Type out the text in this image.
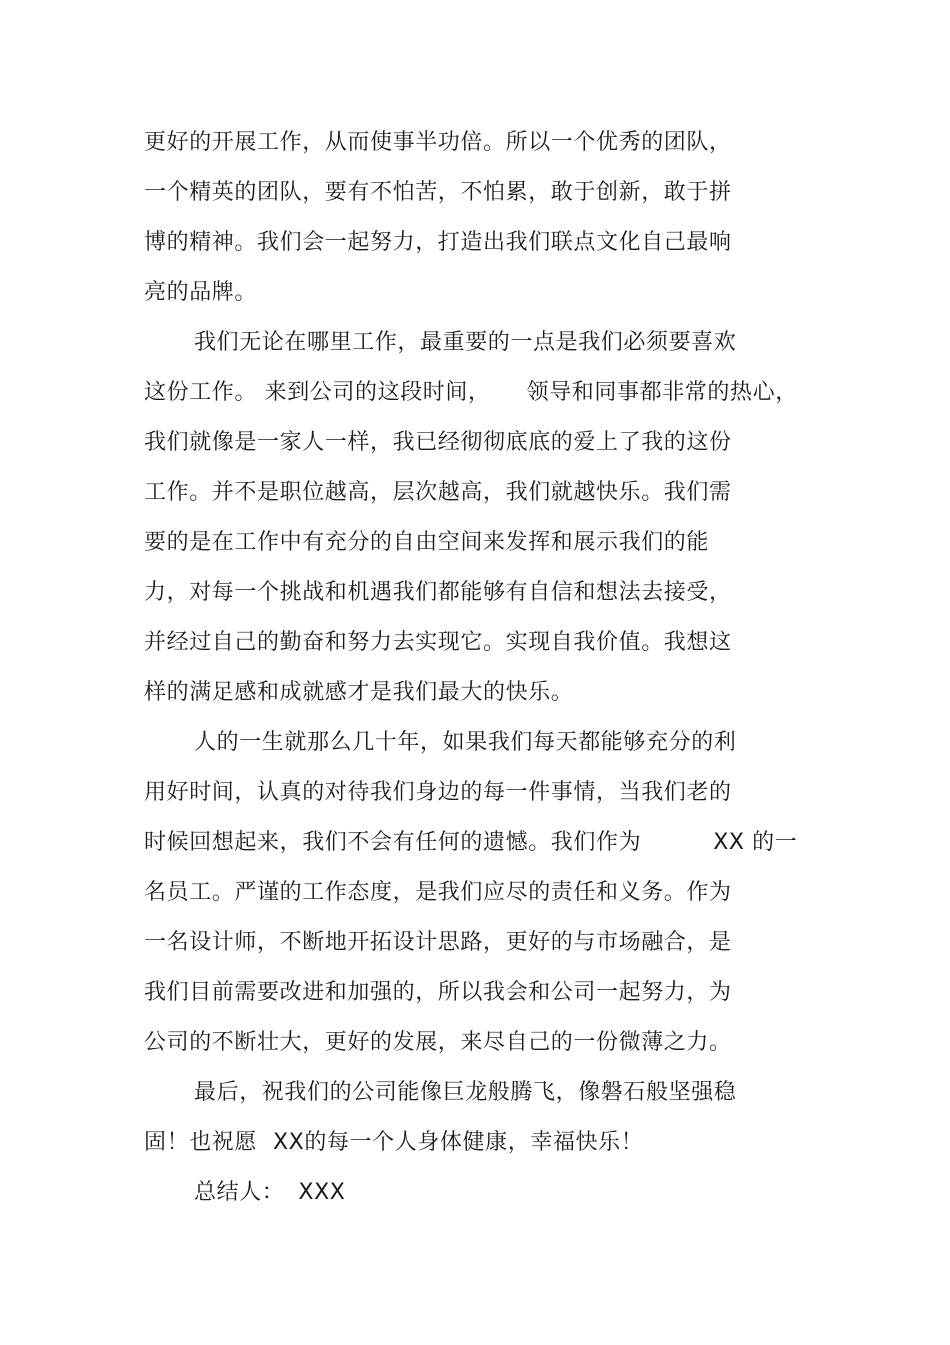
更好的开展工作，从而使事半功倍。所以一个优秀的团队，
一个精英的团队，要有不怕苦，不怕累，敢于创新，敢于拼
博的精神。我们会一起努力，打造出我们联点文化自己最响
亮的品牌。
我们无论在哪里工作，最重要的一点是我们必须要喜欢
这份工作。 来到公司的这段时间， 领导和同事都非常的热心，
我们就像是一家人一样，我已经彻彻底底的爱上了我的这份
工作。并不是职位越高，层次越高，我们就越快乐。我们需
要的是在工作中有充分的自由空间来发挥和展示我们的能
力，对每一个挑战和机遇我们都能够有自信和想法去接受，
并经过自己的勤奋和努力去实现它。实现自我价值。我想这
样的满足感和成就感才是我们最大的快乐。
人的一生就那么几十年，如果我们每天都能够充分的利
用好时间，认真的对待我们身边的每一件事情，当我们老的
时候回想起来，我们不会有任何的遗憾。我们作为	XX 的一
名员工。严谨的工作态度，是我们应尽的责任和义务。作为
一名设计师，不断地开拓设计思路，更好的与市场融合，是
我们目前需要改进和加强的，所以我会和公司一起努力，为
公司的不断壮大，更好的发展，来尽自己的一份微薄之力。
最后，祝我们的公司能像巨龙般腾飞，像磐石般坚强稳
固！也祝愿 XX的每一个人身体健康，幸福快乐！
总结人： XXX
